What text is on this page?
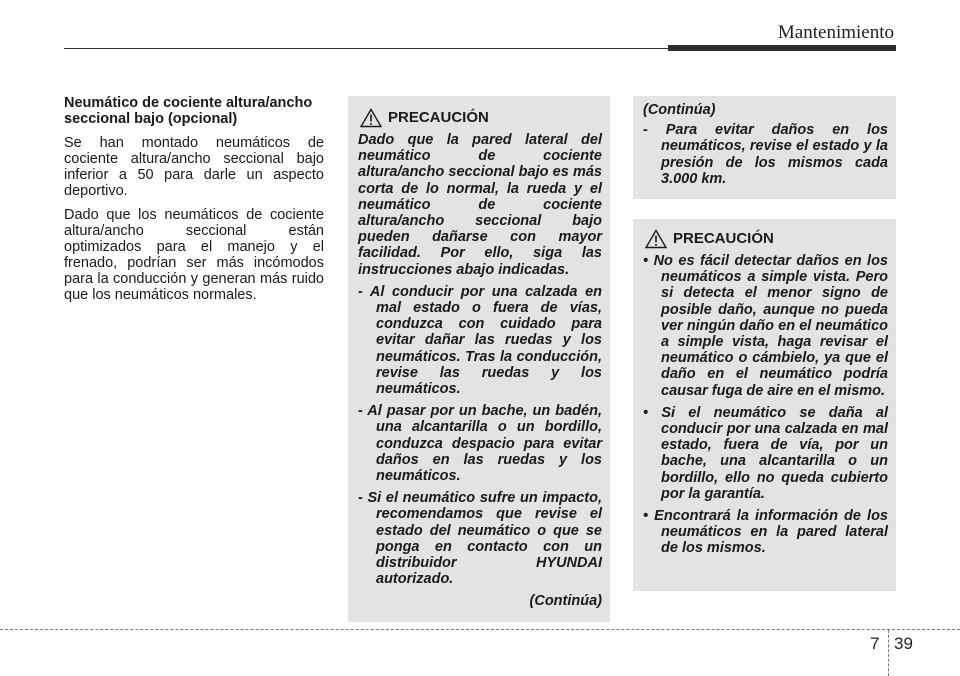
Mantenimiento
Neumático de cociente altura/ancho seccional bajo (opcional)

Se han montado neumáticos de cociente altura/ancho seccional bajo inferior a 50 para darle un aspecto deportivo.

Dado que los neumáticos de cociente altura/ancho seccional están optimizados para el manejo y el frenado, podrían ser más incómodos para la conducción y generan más ruido que los neumáticos normales.

PRECAUCIÓN

Dado que la pared lateral del neumático de cociente altura/ancho seccional bajo es más corta de lo normal, la rueda y el neumático de cociente altura/ancho seccional bajo pueden dañarse con mayor facilidad. Por ello, siga las instrucciones abajo indicadas.

- Al conducir por una calzada en mal estado o fuera de vías, conduzca con cuidado para evitar dañar las ruedas y los neumáticos. Tras la conducción, revise las ruedas y los neumáticos.

- Al pasar por un bache, un badén, una alcantarilla o un bordillo, conduzca despacio para evitar daños en las ruedas y los neumáticos.

- Si el neumático sufre un impacto, recomendamos que revise el estado del neumático o que se ponga en contacto con un distribuidor HYUNDAI autorizado.

(Continúa)

(Continúa)

- Para evitar daños en los neumáticos, revise el estado y la presión de los mismos cada 3.000 km.

PRECAUCIÓN

• No es fácil detectar daños en los neumáticos a simple vista. Pero si detecta el menor signo de posible daño, aunque no pueda ver ningún daño en el neumático a simple vista, haga revisar el neumático o cámbielo, ya que el daño en el neumático podría causar fuga de aire en el mismo.

• Si el neumático se daña al conducir por una calzada en mal estado, fuera de vía, por un bache, una alcantarilla o un bordillo, ello no queda cubierto por la garantía.

• Encontrará la información de los neumáticos en la pared lateral de los mismos.

7 39
